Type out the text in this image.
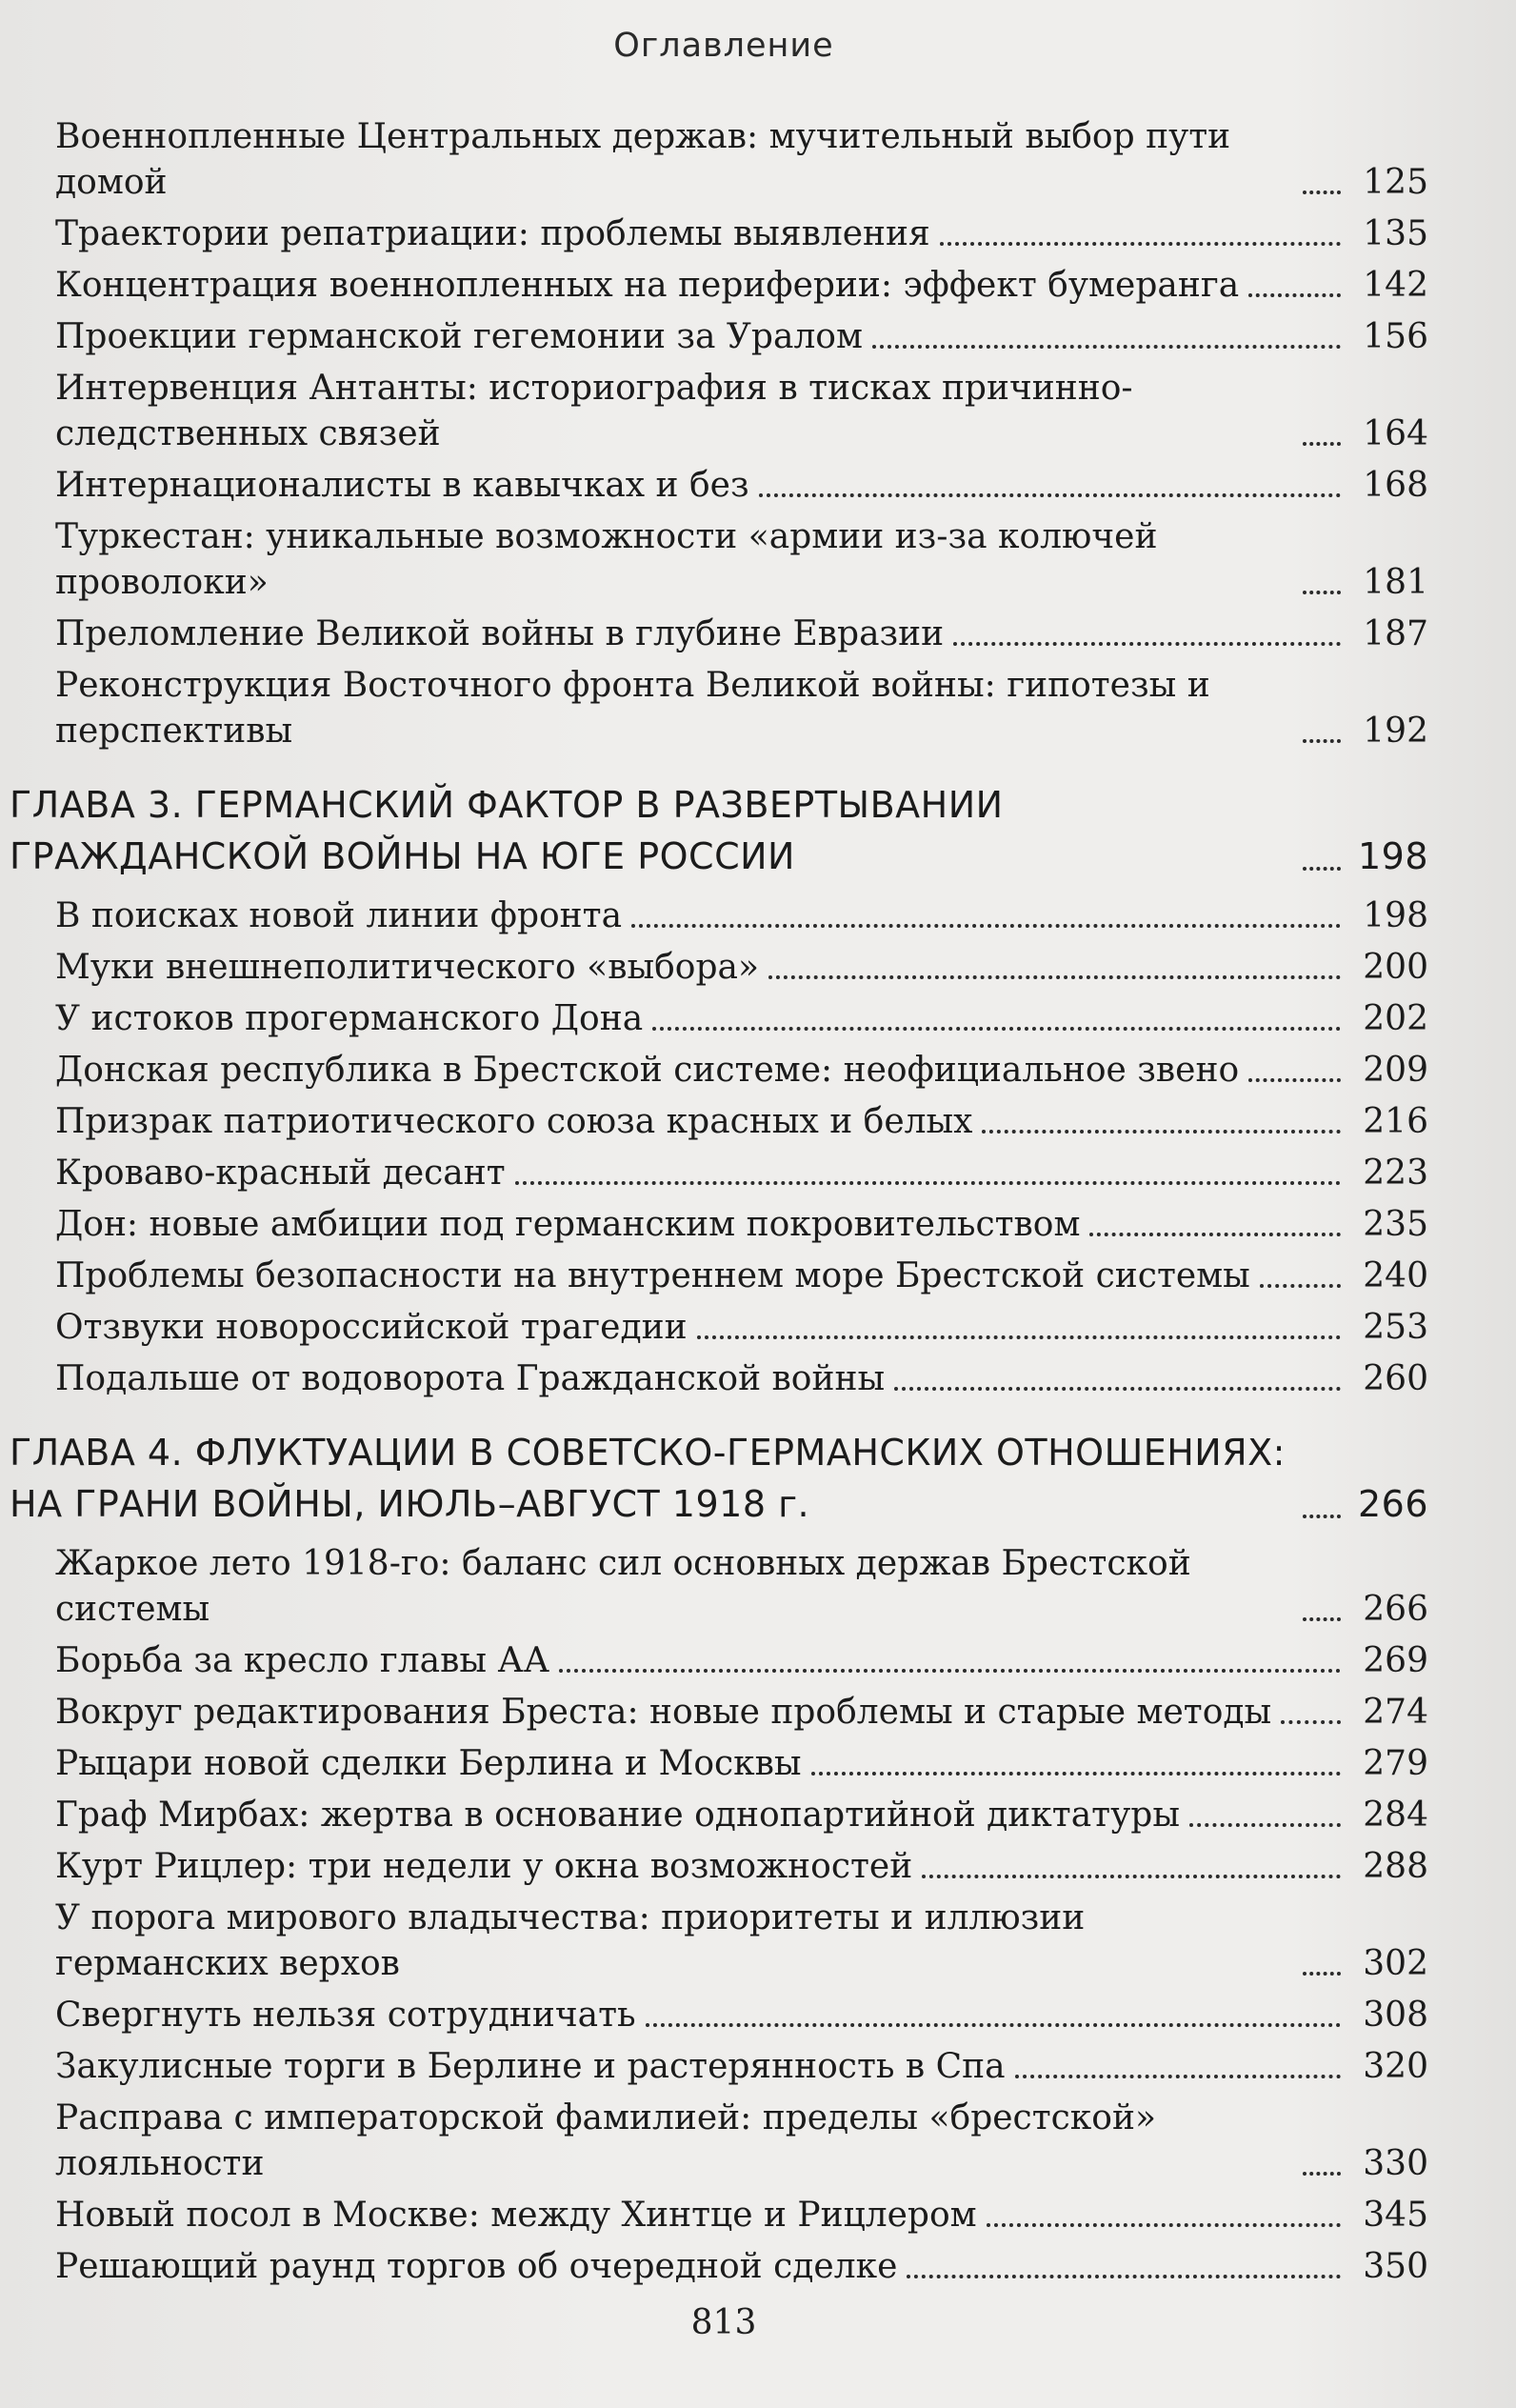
Оглавление
Военнопленные Центральных держав: мучительный выбор пути домой	125
Траектории репатриации: проблемы выявления	135
Концентрация военнопленных на периферии: эффект бумеранга	142
Проекции германской гегемонии за Уралом	156
Интервенция Антанты: историография в тисках причинно-следственных связей	164
Интернационалисты в кавычках и без	168
Туркестан: уникальные возможности «армии из-за колючей проволоки»	181
Преломление Великой войны в глубине Евразии	187
Реконструкция Восточного фронта Великой войны: гипотезы и перспективы	192
ГЛАВА 3. ГЕРМАНСКИЙ ФАКТОР В РАЗВЕРТЫВАНИИ ГРАЖДАНСКОЙ ВОЙНЫ НА ЮГЕ РОССИИ	198
В поисках новой линии фронта	198
Муки внешнеполитического «выбора»	200
У истоков прогерманского Дона	202
Донская республика в Брестской системе: неофициальное звено	209
Призрак патриотического союза красных и белых	216
Кроваво-красный десант	223
Дон: новые амбиции под германским покровительством	235
Проблемы безопасности на внутреннем море Брестской системы	240
Отзвуки новороссийской трагедии	253
Подальше от водоворота Гражданской войны	260
ГЛАВА 4. ФЛУКТУАЦИИ В СОВЕТСКО-ГЕРМАНСКИХ ОТНОШЕНИЯХ: НА ГРАНИ ВОЙНЫ, ИЮЛЬ–АВГУСТ 1918 г.	266
Жаркое лето 1918-го: баланс сил основных держав Брестской системы	266
Борьба за кресло главы АА	269
Вокруг редактирования Бреста: новые проблемы и старые методы	274
Рыцари новой сделки Берлина и Москвы	279
Граф Мирбах: жертва в основание однопартийной диктатуры	284
Курт Рицлер: три недели у окна возможностей	288
У порога мирового владычества: приоритеты и иллюзии германских верхов	302
Свергнуть нельзя сотрудничать	308
Закулисные торги в Берлине и растерянность в Спа	320
Расправа с императорской фамилией: пределы «брестской» лояльности	330
Новый посол в Москве: между Хинтце и Рицлером	345
Решающий раунд торгов об очередной сделке	350
813
